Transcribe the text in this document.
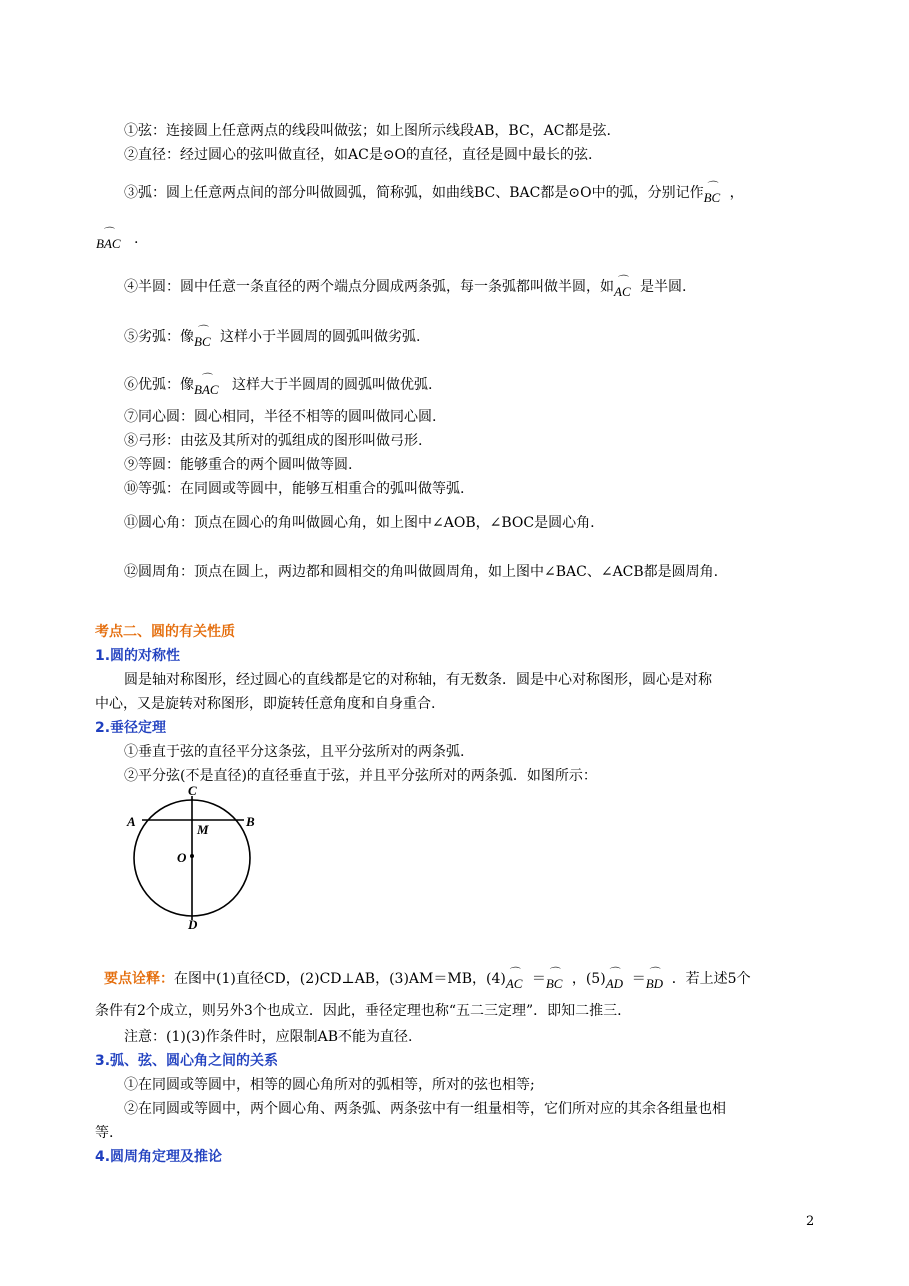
①弦：连接圆上任意两点的线段叫做弦；如上图所示线段AB，BC，AC都是弦.
②直径：经过圆心的弦叫做直径，如AC是⊙O的直径，直径是圆中最长的弦.
③弧：圆上任意两点间的部分叫做圆弧，简称弧，如曲线BC、BAC都是⊙O中的弧，分别记作 ⌒
BC ，
⌒
BAC .
④半圆：圆中任意一条直径的两个端点分圆成两条弧，每一条弧都叫做半圆，如 ⌒
AC 是半圆.
⑤劣弧：像 ⌒
BC 这样小于半圆周的圆弧叫做劣弧.
⑥优弧：像 ⌒
BAC 这样大于半圆周的圆弧叫做优弧.
⑦同心圆：圆心相同，半径不相等的圆叫做同心圆.
⑧弓形：由弦及其所对的弧组成的图形叫做弓形.
⑨等圆：能够重合的两个圆叫做等圆.
⑩等弧：在同圆或等圆中，能够互相重合的弧叫做等弧.
⑪圆心角：顶点在圆心的角叫做圆心角，如上图中∠AOB，∠BOC是圆心角.
⑫圆周角：顶点在圆上，两边都和圆相交的角叫做圆周角，如上图中∠BAC、∠ACB都是圆周角.
考点二、圆的有关性质
1.圆的对称性
圆是轴对称图形，经过圆心的直线都是它的对称轴，有无数条．圆是中心对称图形，圆心是对称
中心，又是旋转对称图形，即旋转任意角度和自身重合.
2.垂径定理
①垂直于弦的直径平分这条弦，且平分弦所对的两条弧.
②平分弦(不是直径)的直径垂直于弦，并且平分弦所对的两条弧．如图所示：
C
A	B
M
O
D
要点诠释：在图中(1)直径CD，(2)CD⊥AB，(3)AM＝MB，(4) ⌒
AC ＝ ⌒
BC ，(5) ⌒
AD ＝ ⌒
BD ．若上述5个
条件有2个成立，则另外3个也成立．因此，垂径定理也称“五二三定理”．即知二推三.
注意：(1)(3)作条件时，应限制AB不能为直径.
3.弧、弦、圆心角之间的关系
①在同圆或等圆中，相等的圆心角所对的弧相等，所对的弦也相等;
②在同圆或等圆中，两个圆心角、两条弧、两条弦中有一组量相等，它们所对应的其余各组量也相
等.
4.圆周角定理及推论
2
